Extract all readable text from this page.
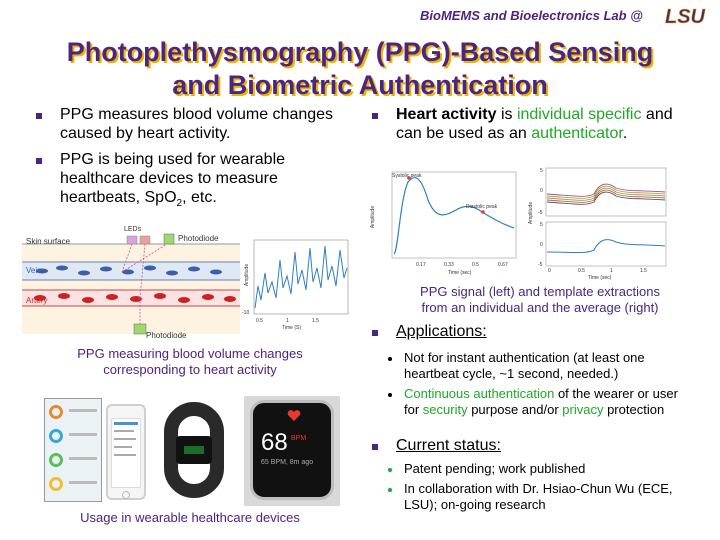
BioMEMS and Bioelectronics Lab @ LSU
Photoplethysmography (PPG)-Based Sensing
and Biometric Authentication
PPG measures blood volume changes caused by heart activity.
PPG is being used for wearable healthcare devices to measure heartbeats, SpO$_2$, etc.
Skin surface
LEDs
Photodiode
Vein
Artery
Photodiode
Amplitude
-10
0.5	1	1.5
Time (S)
PPG measuring blood volume changes
corresponding to heart activity
68 BPM
65 BPM, 8m ago
Usage in wearable healthcare devices
Heart activity is individual specific and can be used as an authenticator.
Systolic peak
Diastolic peak
Amplitude
0.17	0.33	0.5	0.67
Time (sec)
5
0
-5
5
0
-5
Amplitude
0	0.5	1	1.5
Time (sec)
PPG signal (left) and template extractions
from an individual and the average (right)
Applications:
Not for instant authentication (at least one heartbeat cycle, ~1 second, needed.)
Continuous authentication of the wearer or user for security purpose and/or privacy protection
Current status:
Patent pending; work published
In collaboration with Dr. Hsiao-Chun Wu (ECE, LSU); on-going research
